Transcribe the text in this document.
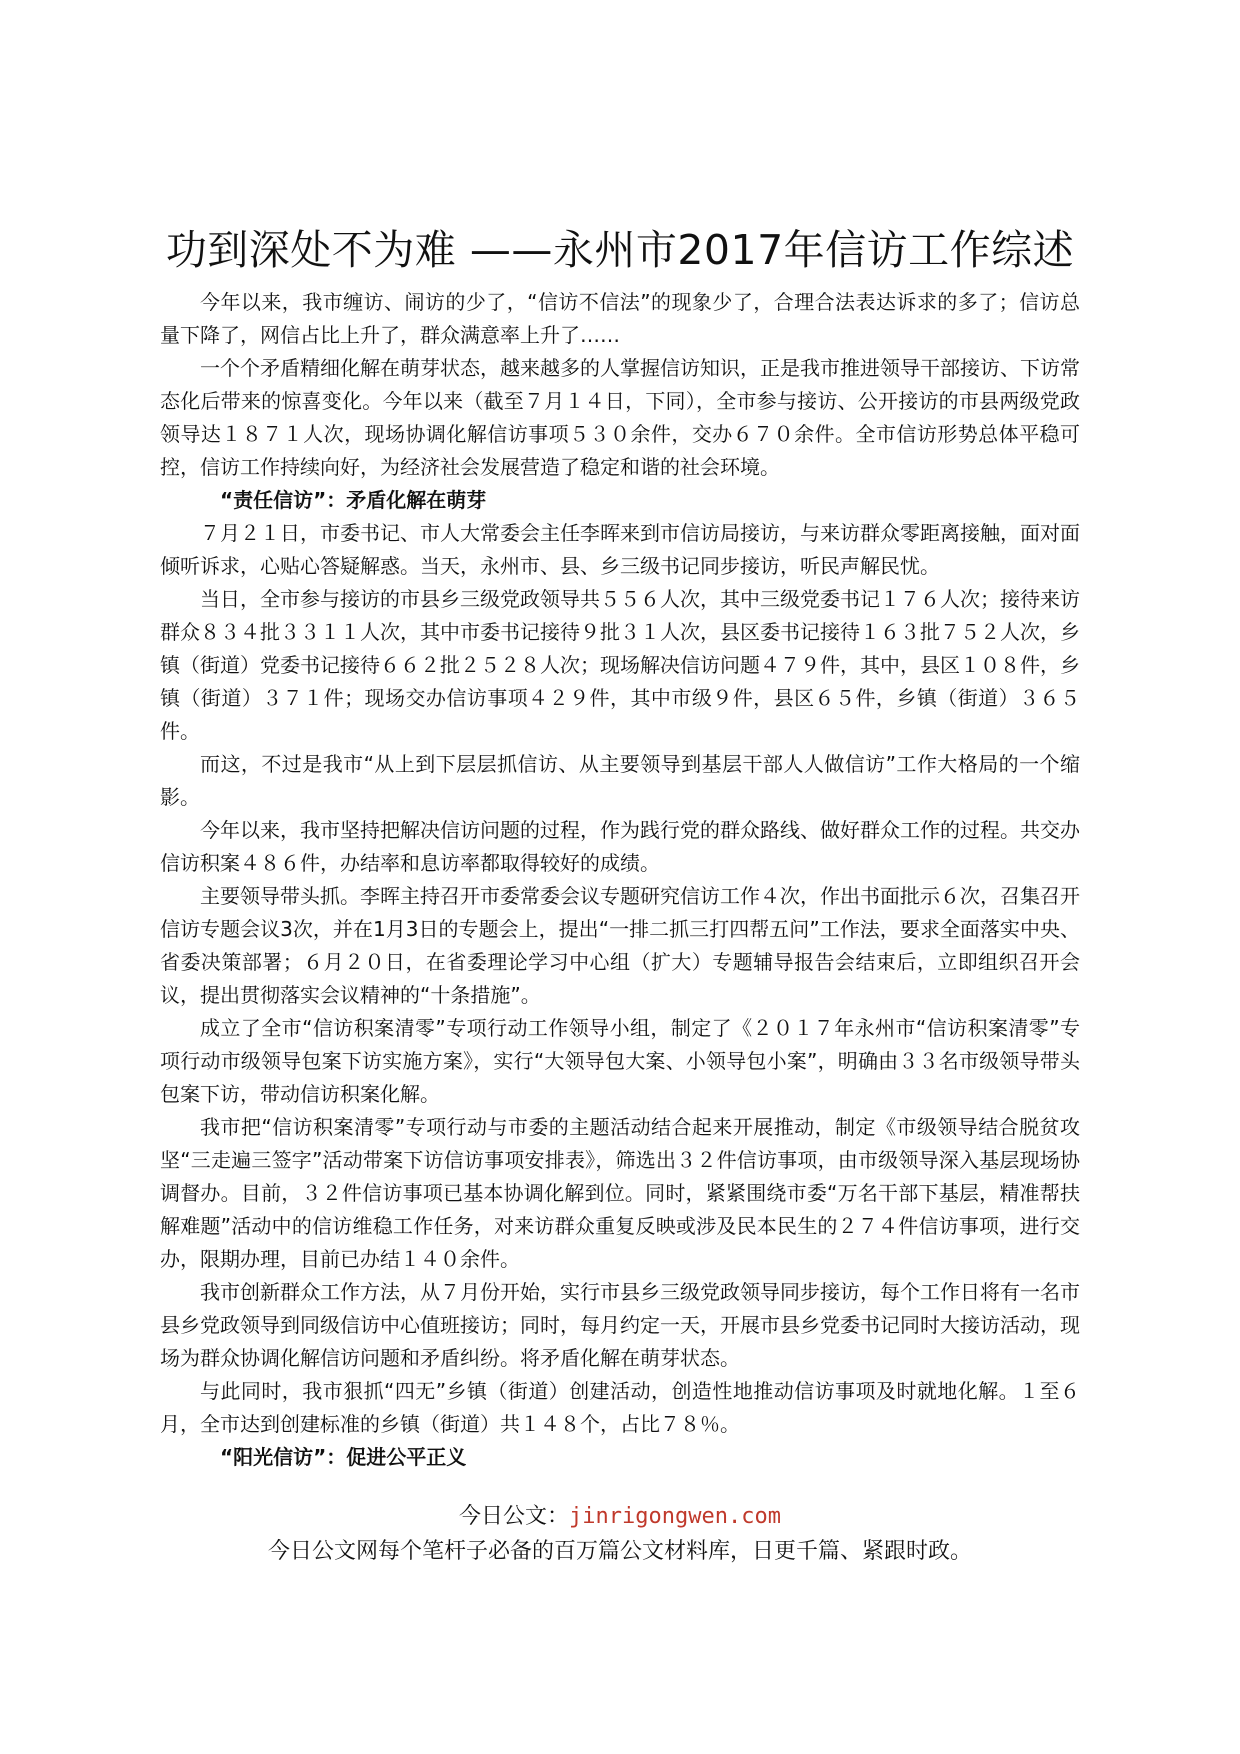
功到深处不为难 ——永州市2017年信访工作综述

今年以来，我市缠访、闹访的少了，“信访不信法”的现象少了，合理合法表达诉求的多了；信访总量下降了，网信占比上升了，群众满意率上升了……

一个个矛盾精细化解在萌芽状态，越来越多的人掌握信访知识，正是我市推进领导干部接访、下访常态化后带来的惊喜变化。今年以来（截至７月１４日，下同），全市参与接访、公开接访的市县两级党政领导达１８７１人次，现场协调化解信访事项５３０余件，交办６７０余件。全市信访形势总体平稳可控，信访工作持续向好，为经济社会发展营造了稳定和谐的社会环境。

“责任信访”：矛盾化解在萌芽

７月２１日，市委书记、市人大常委会主任李晖来到市信访局接访，与来访群众零距离接触，面对面倾听诉求，心贴心答疑解惑。当天，永州市、县、乡三级书记同步接访，听民声解民忧。

当日，全市参与接访的市县乡三级党政领导共５５６人次，其中三级党委书记１７６人次；接待来访群众８３４批３３１１人次，其中市委书记接待９批３１人次，县区委书记接待１６３批７５２人次，乡镇（街道）党委书记接待６６２批２５２８人次；现场解决信访问题４７９件，其中，县区１０８件，乡镇（街道）３７１件；现场交办信访事项４２９件，其中市级９件，县区６５件，乡镇（街道）３６５件。

而这，不过是我市“从上到下层层抓信访、从主要领导到基层干部人人做信访”工作大格局的一个缩影。

今年以来，我市坚持把解决信访问题的过程，作为践行党的群众路线、做好群众工作的过程。共交办信访积案４８６件，办结率和息访率都取得较好的成绩。

主要领导带头抓。李晖主持召开市委常委会议专题研究信访工作４次，作出书面批示６次，召集召开信访专题会议3次，并在1月3日的专题会上，提出“一排二抓三打四帮五问”工作法，要求全面落实中央、省委决策部署；６月２０日，在省委理论学习中心组（扩大）专题辅导报告会结束后，立即组织召开会议，提出贯彻落实会议精神的“十条措施”。

成立了全市“信访积案清零”专项行动工作领导小组，制定了《２０１７年永州市“信访积案清零”专项行动市级领导包案下访实施方案》，实行“大领导包大案、小领导包小案”，明确由３３名市级领导带头包案下访，带动信访积案化解。

我市把“信访积案清零”专项行动与市委的主题活动结合起来开展推动，制定《市级领导结合脱贫攻坚“三走遍三签字”活动带案下访信访事项安排表》，筛选出３２件信访事项，由市级领导深入基层现场协调督办。目前，３２件信访事项已基本协调化解到位。同时，紧紧围绕市委“万名干部下基层，精准帮扶解难题”活动中的信访维稳工作任务，对来访群众重复反映或涉及民本民生的２７４件信访事项，进行交办，限期办理，目前已办结１４０余件。

我市创新群众工作方法，从７月份开始，实行市县乡三级党政领导同步接访，每个工作日将有一名市县乡党政领导到同级信访中心值班接访；同时，每月约定一天，开展市县乡党委书记同时大接访活动，现场为群众协调化解信访问题和矛盾纠纷。将矛盾化解在萌芽状态。

与此同时，我市狠抓“四无”乡镇（街道）创建活动，创造性地推动信访事项及时就地化解。１至６月，全市达到创建标准的乡镇（街道）共１４８个，占比７８％。

“阳光信访”：促进公平正义

今日公文：jinrigongwen.com
今日公文网每个笔杆子必备的百万篇公文材料库，日更千篇、紧跟时政。
